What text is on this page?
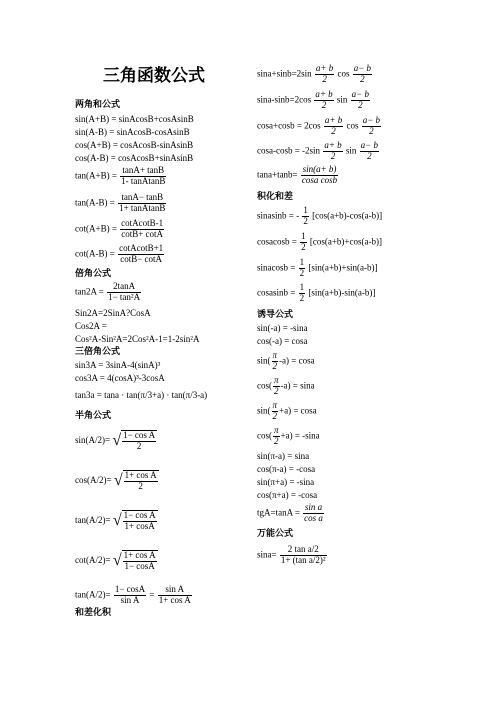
三角函数公式
两角和公式
sin(A+B) = sinAcosB+cosAsinB
sin(A-B) = sinAcosB-cosAsinB
cos(A+B) = cosAcosB-sinAsinB
cos(A-B) = cosAcosB+sinAsinB
$\tan(A+B) = \frac{\tan A+ \tan B}{\text{1- tanAtanB}}$
$\tan(A-B) = \frac{\tan A- \tan B}{\text{1+ tanAtanB}}$
$\cot(A+B) = \frac{\text{cotAcotB-1}}{\cot B+ \cot A}$
$\cot(A-B) = \frac{\text{cotAcotB+1}}{\cot B- \cot A}$
倍角公式
$\tan 2A = \frac{2\tan A}{\text{1− tan²A}}$
Sin2A=2SinA?CosA
Cos2A =
Cos²A-Sin²A=2Cos²A-1=1-2sin²A
三倍角公式
sin3A = 3sinA-4(sinA)³
cos3A = 4(cosA)³-3cosA
tan3a = tana · tan(π/3+a) · tan(π/3-a)
半角公式
sin(A/2)= √ $\frac{\text{1− cos A}}{2}$
cos(A/2)= √ $\frac{\text{1+ cos A}}{2}$
tan(A/2)= √ $\frac{\text{1− cos A}}{1+ \cos A}$
cot(A/2)= √ $\frac{\text{1+ cos A}}{1- \cos A}$
$\tan(A/2)= \frac{1- \cos A}{\text{sin A}} = \frac{\text{sin A}}{\text{1+ cos A}}$
和差化积
$\sin a+\sin b=2\sin \frac{a+ b}{2}$ $\cos \frac{a- b}{2}$
$\sin a-\sin b=2\cos \frac{a+ b}{2}$ $\sin \frac{a- b}{2}$
$\cos a+\cos b = 2\cos \frac{a+ b}{2}$ $\cos \frac{a- b}{2}$
$\cos a-\cos b = -2\sin \frac{a+ b}{2}$ $\sin \frac{a- b}{2}$
$\tan a+\tan b= \frac{\sin(a+ b)}{\text{cosa cosb}}$
积化和差
sinasinb = - $\frac{1}{2} [\cos(a+b)-\cos(a-b)]$
cosacosb = $\frac{1}{2} [\cos(a+b)+\cos(a-b)]$
sinacosb = $\frac{1}{2} [\sin(a+b)+\sin(a-b)]$
cosasinb = $\frac{1}{2} [\sin(a+b)-\sin(a-b)]$
诱导公式
sin(-a) = -sina
cos(-a) = cosa
$\sin( \frac{\pi}{2} -a) = \cos a$
$\cos( \frac{\pi}{2} -a) = \sin a$
$\sin( \frac{\pi}{2} +a) = \cos a$
$\cos( \frac{\pi}{2} +a) = -\sin a$
sin(π-a) = sina
cos(π-a) = -cosa
sin(π+a) = -sina
cos(π+a) = -cosa
$tgA=\tan A = \frac{\text{sin a}}{\text{cos a}}$
万能公式
$\sin a= \frac{\text{2 tan a/2}}{\text{1+ (tan a/2)²}}$
